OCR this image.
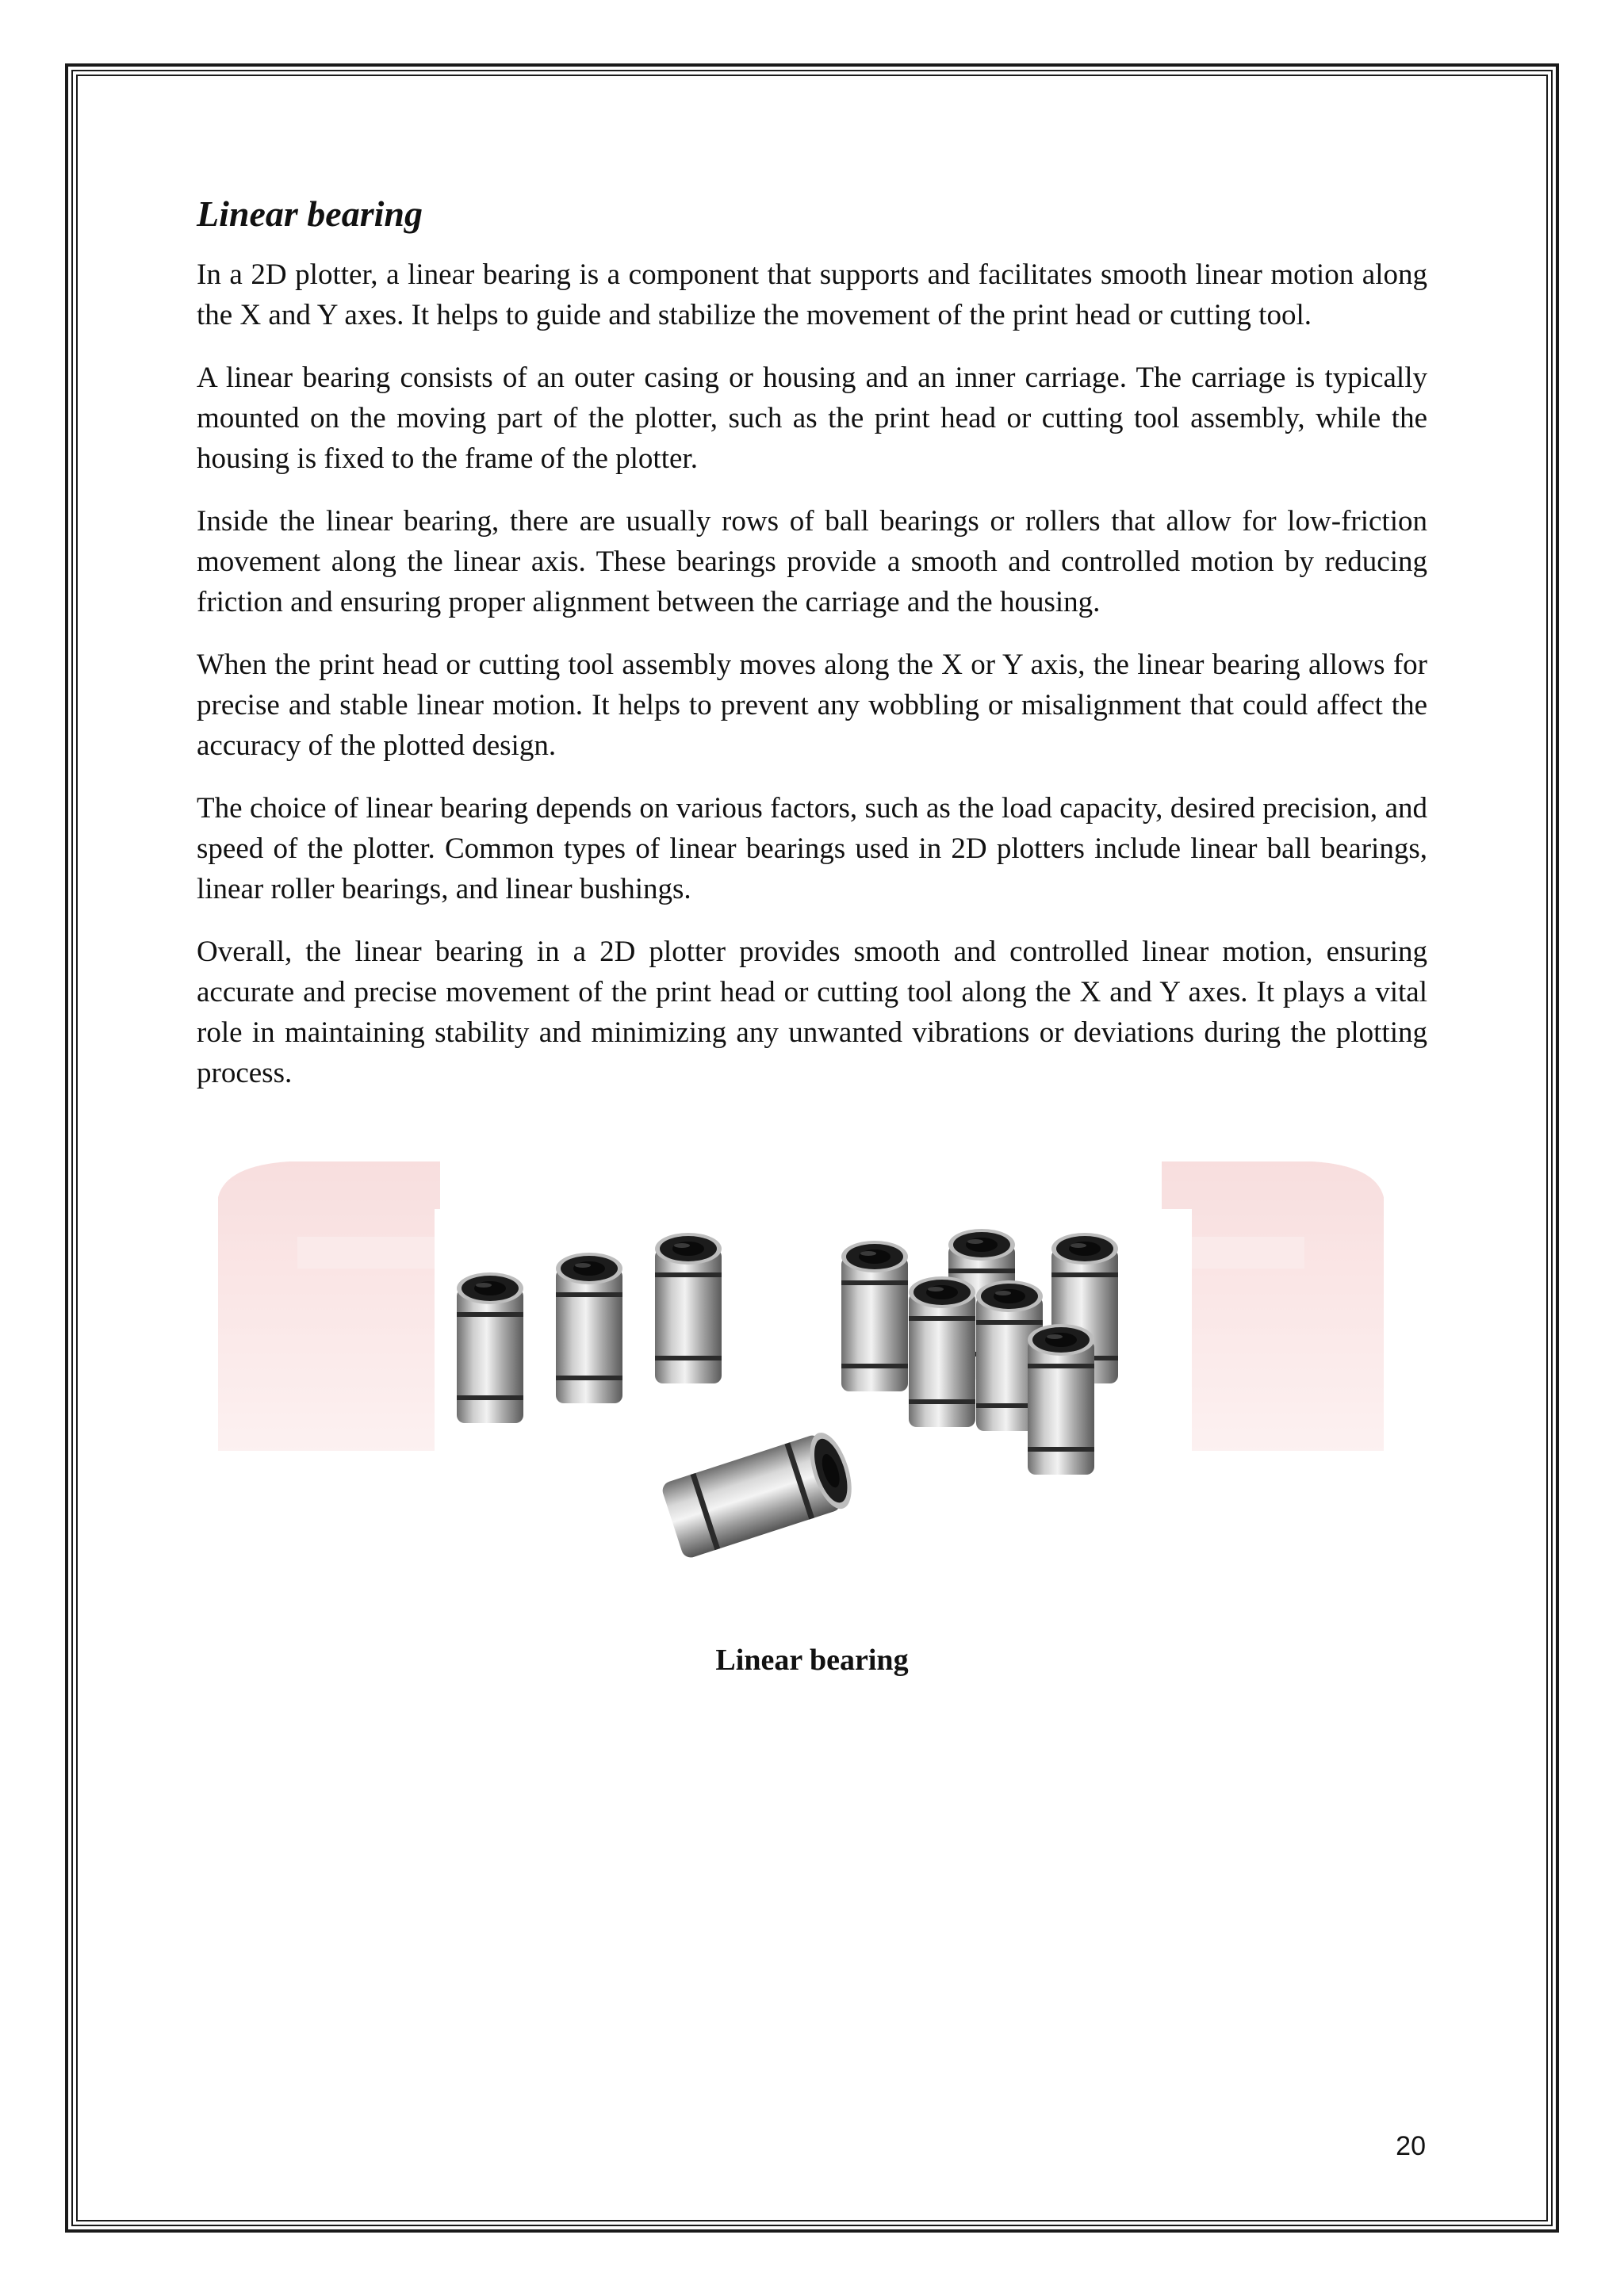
Linear bearing

In a 2D plotter, a linear bearing is a component that supports and facilitates smooth linear motion along the X and Y axes. It helps to guide and stabilize the movement of the print head or cutting tool.

A linear bearing consists of an outer casing or housing and an inner carriage. The carriage is typically mounted on the moving part of the plotter, such as the print head or cutting tool assembly, while the housing is fixed to the frame of the plotter.

Inside the linear bearing, there are usually rows of ball bearings or rollers that allow for low-friction movement along the linear axis. These bearings provide a smooth and controlled motion by reducing friction and ensuring proper alignment between the carriage and the housing.

When the print head or cutting tool assembly moves along the X or Y axis, the linear bearing allows for precise and stable linear motion. It helps to prevent any wobbling or misalignment that could affect the accuracy of the plotted design.

The choice of linear bearing depends on various factors, such as the load capacity, desired precision, and speed of the plotter. Common types of linear bearings used in 2D plotters include linear ball bearings, linear roller bearings, and linear bushings.

Overall, the linear bearing in a 2D plotter provides smooth and controlled linear motion, ensuring accurate and precise movement of the print head or cutting tool along the X and Y axes. It plays a vital role in maintaining stability and minimizing any unwanted vibrations or deviations during the plotting process.

Linear bearing
20
